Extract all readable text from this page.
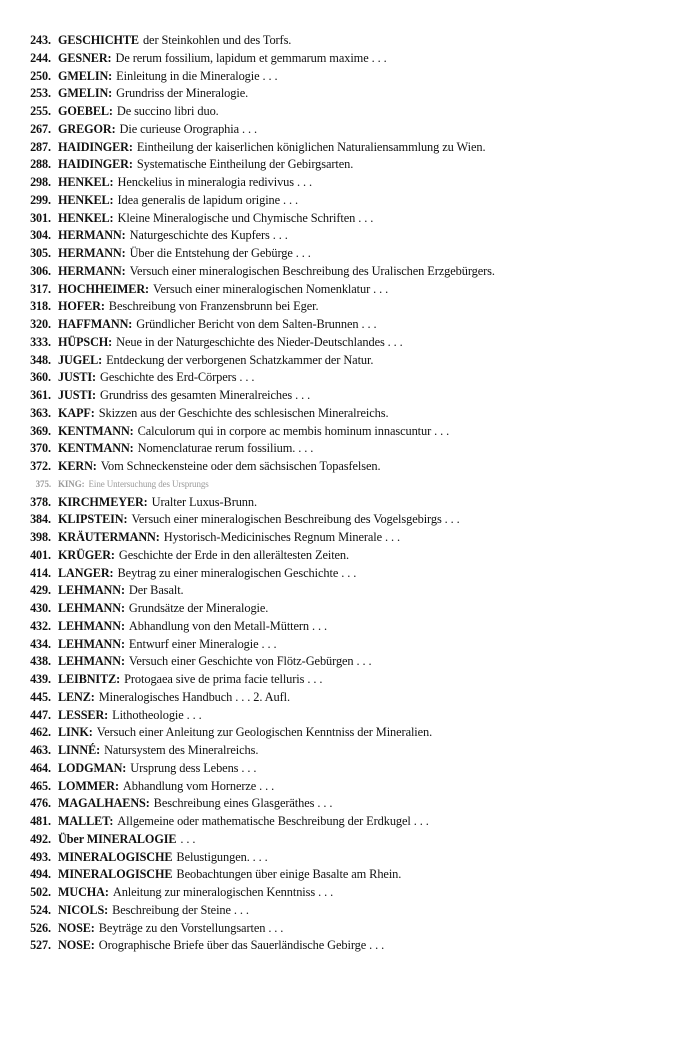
243. GESCHICHTE der Steinkohlen und des Torfs.
244. GESNER: De rerum fossilium, lapidum et gemmarum maxime . . .
250. GMELIN: Einleitung in die Mineralogie . . .
253. GMELIN: Grundriss der Mineralogie.
255. GOEBEL: De succino libri duo.
267. GREGOR: Die curieuse Orographia . . .
287. HAIDINGER: Eintheilung der kaiserlichen königlichen Naturaliensammlung zu Wien.
288. HAIDINGER: Systematische Eintheilung der Gebirgsarten.
298. HENKEL: Henckelius in mineralogia redivivus . . .
299. HENKEL: Idea generalis de lapidum origine . . .
301. HENKEL: Kleine Mineralogische und Chymische Schriften . . .
304. HERMANN: Naturgeschichte des Kupfers . . .
305. HERMANN: Über die Entstehung der Gebürge . . .
306. HERMANN: Versuch einer mineralogischen Beschreibung des Uralischen Erzgebürgers.
317. HOCHHEIMER: Versuch einer mineralogischen Nomenklatur . . .
318. HOFER: Beschreibung von Franzensbrunn bei Eger.
320. HAFFMANN: Gründlicher Bericht von dem Salten-Brunnen . . .
333. HÜPSCH: Neue in der Naturgeschichte des Nieder-Deutschlandes . . .
348. JUGEL: Entdeckung der verborgenen Schatzkammer der Natur.
360. JUSTI: Geschichte des Erd-Cörpers . . .
361. JUSTI: Grundriss des gesamten Mineralreiches . . .
363. KAPF: Skizzen aus der Geschichte des schlesischen Mineralreichs.
369. KENTMANN: Calculorum qui in corpore ac membis hominum innascuntur . . .
370. KENTMANN: Nomenclaturae rerum fossilium. . . .
372. KERN: Vom Schneckensteine oder dem sächsischen Topasfelsen.
375. KING: Eine Untersuchung des Ursprungs
378. KIRCHMEYER: Uralter Luxus-Brunn.
384. KLIPSTEIN: Versuch einer mineralogischen Beschreibung des Vogelsgebirgs . . .
398. KRÄUTERMANN: Hystorisch-Medicinisches Regnum Minerale . . .
401. KRÜGER: Geschichte der Erde in den allerältesten Zeiten.
414. LANGER: Beytrag zu einer mineralogischen Geschichte . . .
429. LEHMANN: Der Basalt.
430. LEHMANN: Grundsätze der Mineralogie.
432. LEHMANN: Abhandlung von den Metall-Müttern . . .
434. LEHMANN: Entwurf einer Mineralogie . . .
438. LEHMANN: Versuch einer Geschichte von Flötz-Gebürgen . . .
439. LEIBNITZ: Protogaea sive de prima facie telluris . . .
445. LENZ: Mineralogisches Handbuch . . . 2. Aufl.
447. LESSER: Lithotheologie . . .
462. LINK: Versuch einer Anleitung zur Geologischen Kenntniss der Mineralien.
463. LINNÉ: Natursystem des Mineralreichs.
464. LODGMAN: Ursprung dess Lebens . . .
465. LOMMER: Abhandlung vom Hornerze . . .
476. MAGALHAENS: Beschreibung eines Glasgeräthes . . .
481. MALLET: Allgemeine oder mathematische Beschreibung der Erdkugel . . .
492. Über MINERALOGIE . . .
493. MINERALOGISCHE Belustigungen. . . .
494. MINERALOGISCHE Beobachtungen über einige Basalte am Rhein.
502. MUCHA: Anleitung zur mineralogischen Kenntniss . . .
524. NICOLS: Beschreibung der Steine . . .
526. NOSE: Beyträge zu den Vorstellungsarten . . .
527. NOSE: Orographische Briefe über das Sauerländische Gebirge . . .
